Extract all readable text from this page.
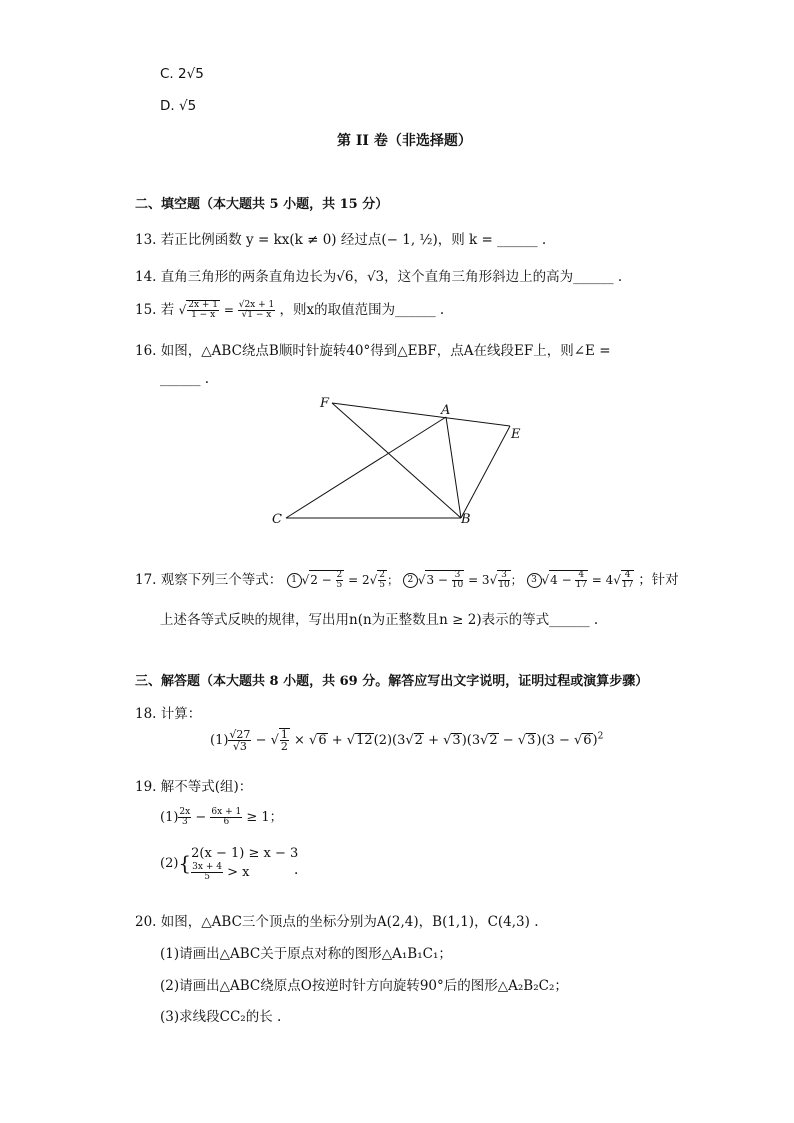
C. 2√5
D. √5
第 II 卷（非选择题）
二、填空题（本大题共 5 小题，共 15 分）
13. 若正比例函数 y = kx(k ≠ 0) 经过点(− 1, ½)，则 k = ______ .
14. 直角三角形的两条直角边长为√6，√3，这个直角三角形斜边上的高为______ .
15. 若 √ $\frac{2x + 1}{1 - x} = \frac{√2x + 1}{√1 - x}$ ，则x的取值范围为______ .
16. 如图，△ABC绕点B顺时针旋转40°得到△EBF，点A在线段EF上，则∠E =
______ .
F	A
E
C	B
17. 观察下列三个等式： 1 $√2 - \frac{2}{5} = 2√ \frac{2}{5}$ ； 2 $√3 - \frac{3}{10} = 3√ \frac{3}{10}$ ； 3 $√4 - \frac{4}{17} = 4√ \frac{4}{17}$ ；针对
上述各等式反映的规律，写出用n(n为正整数且n ≥ 2)表示的等式______ .
三、解答题（本大题共 8 小题，共 69 分。解答应写出文字说明，证明过程或演算步骤）
18. 计算：
$(1) \frac{√27}{√3}$ − √ $\frac{1}{2} \times √6 + √12(2)(3√2 + √3)(3√2 - √3)(3 - √6)^2$
19. 解不等式(组)：
$(1) \frac{2x}{3} - \frac{6x + 1}{6} \ge 1$；
(2){ 2(x − 1) ≥ x − 3
$\frac{3x + 4}{5} > x$	.
20. 如图，△ABC三个顶点的坐标分别为A(2,4)，B(1,1)，C(4,3) .
(1)请画出△ABC关于原点对称的图形△A₁B₁C₁；
(2)请画出△ABC绕原点O按逆时针方向旋转90°后的图形△A₂B₂C₂；
(3)求线段CC₂的长 .
